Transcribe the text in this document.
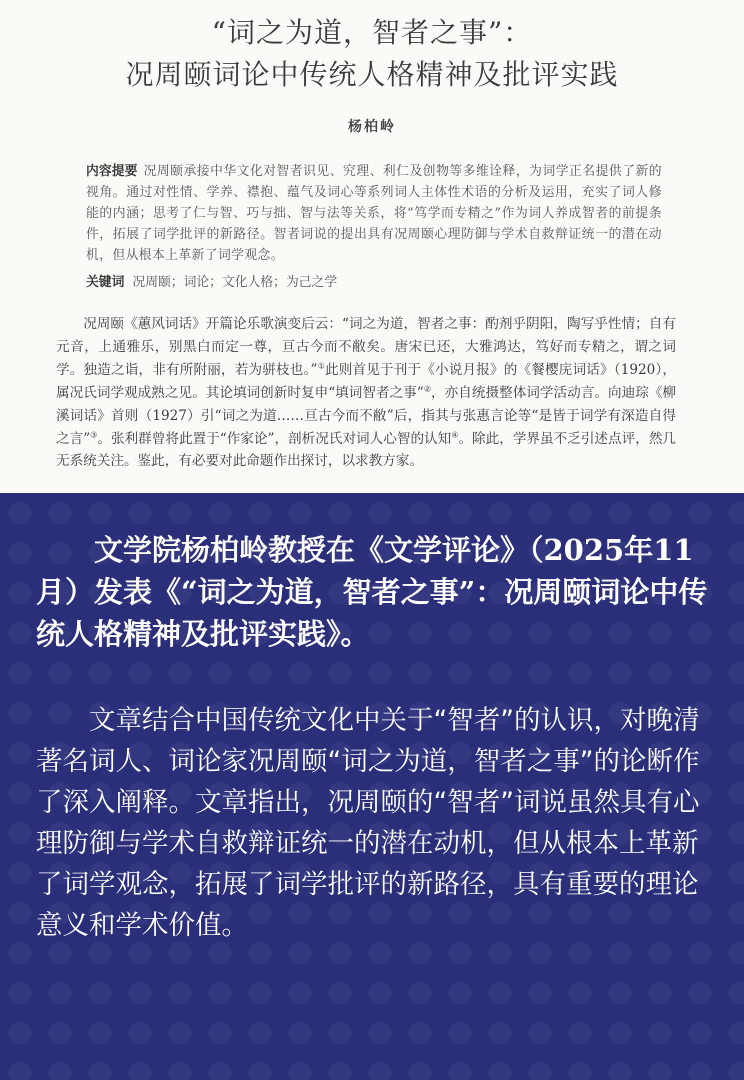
“词之为道，智者之事”：
况周颐词论中传统人格精神及批评实践
杨柏岭
内容提要 况周颐承接中华文化对智者识见、究理、利仁及创物等多维诠释，为词学正名提供了新的视角。通过对性情、学养、襟抱、蕴气及词心等系列词人主体性术语的分析及运用，充实了词人修能的内涵；思考了仁与智、巧与拙、智与法等关系，将“笃学而专精之”作为词人养成智者的前提条件，拓展了词学批评的新路径。智者词说的提出具有况周颐心理防御与学术自救辩证统一的潜在动机，但从根本上革新了词学观念。
关键词 况周颐；词论；文化人格；为己之学
况周颐《蕙风词话》开篇论乐歌演变后云：“词之为道，智者之事：酌剂乎阴阳，陶写乎性情；自有元音，上通雅乐，别黑白而定一尊，亘古今而不敝矣。唐宋已还，大雅鸿达，笃好而专精之，谓之词学。独造之诣，非有所附丽，若为骈枝也。”①此则首见于刊于《小说月报》的《餐樱庑词话》（1920），属况氏词学观成熟之见。其论填词创新时复申“填词智者之事”②，亦自统摄整体词学活动言。向迪琮《柳溪词话》首则（1927）引“词之为道……亘古今而不敝”后，指其与张惠言论等“是皆于词学有深造自得之言”③。张利群曾将此置于“作家论”，剖析况氏对词人心智的认知④。除此，学界虽不乏引述点评，然几无系统关注。鉴此，有必要对此命题作出探讨，以求教方家。
文学院杨柏岭教授在《文学评论》（2025年11月）发表《“词之为道，智者之事”：况周颐词论中传统人格精神及批评实践》。
文章结合中国传统文化中关于“智者”的认识，对晚清著名词人、词论家况周颐“词之为道，智者之事”的论断作了深入阐释。文章指出，况周颐的“智者”词说虽然具有心理防御与学术自救辩证统一的潜在动机，但从根本上革新了词学观念，拓展了词学批评的新路径，具有重要的理论意义和学术价值。
